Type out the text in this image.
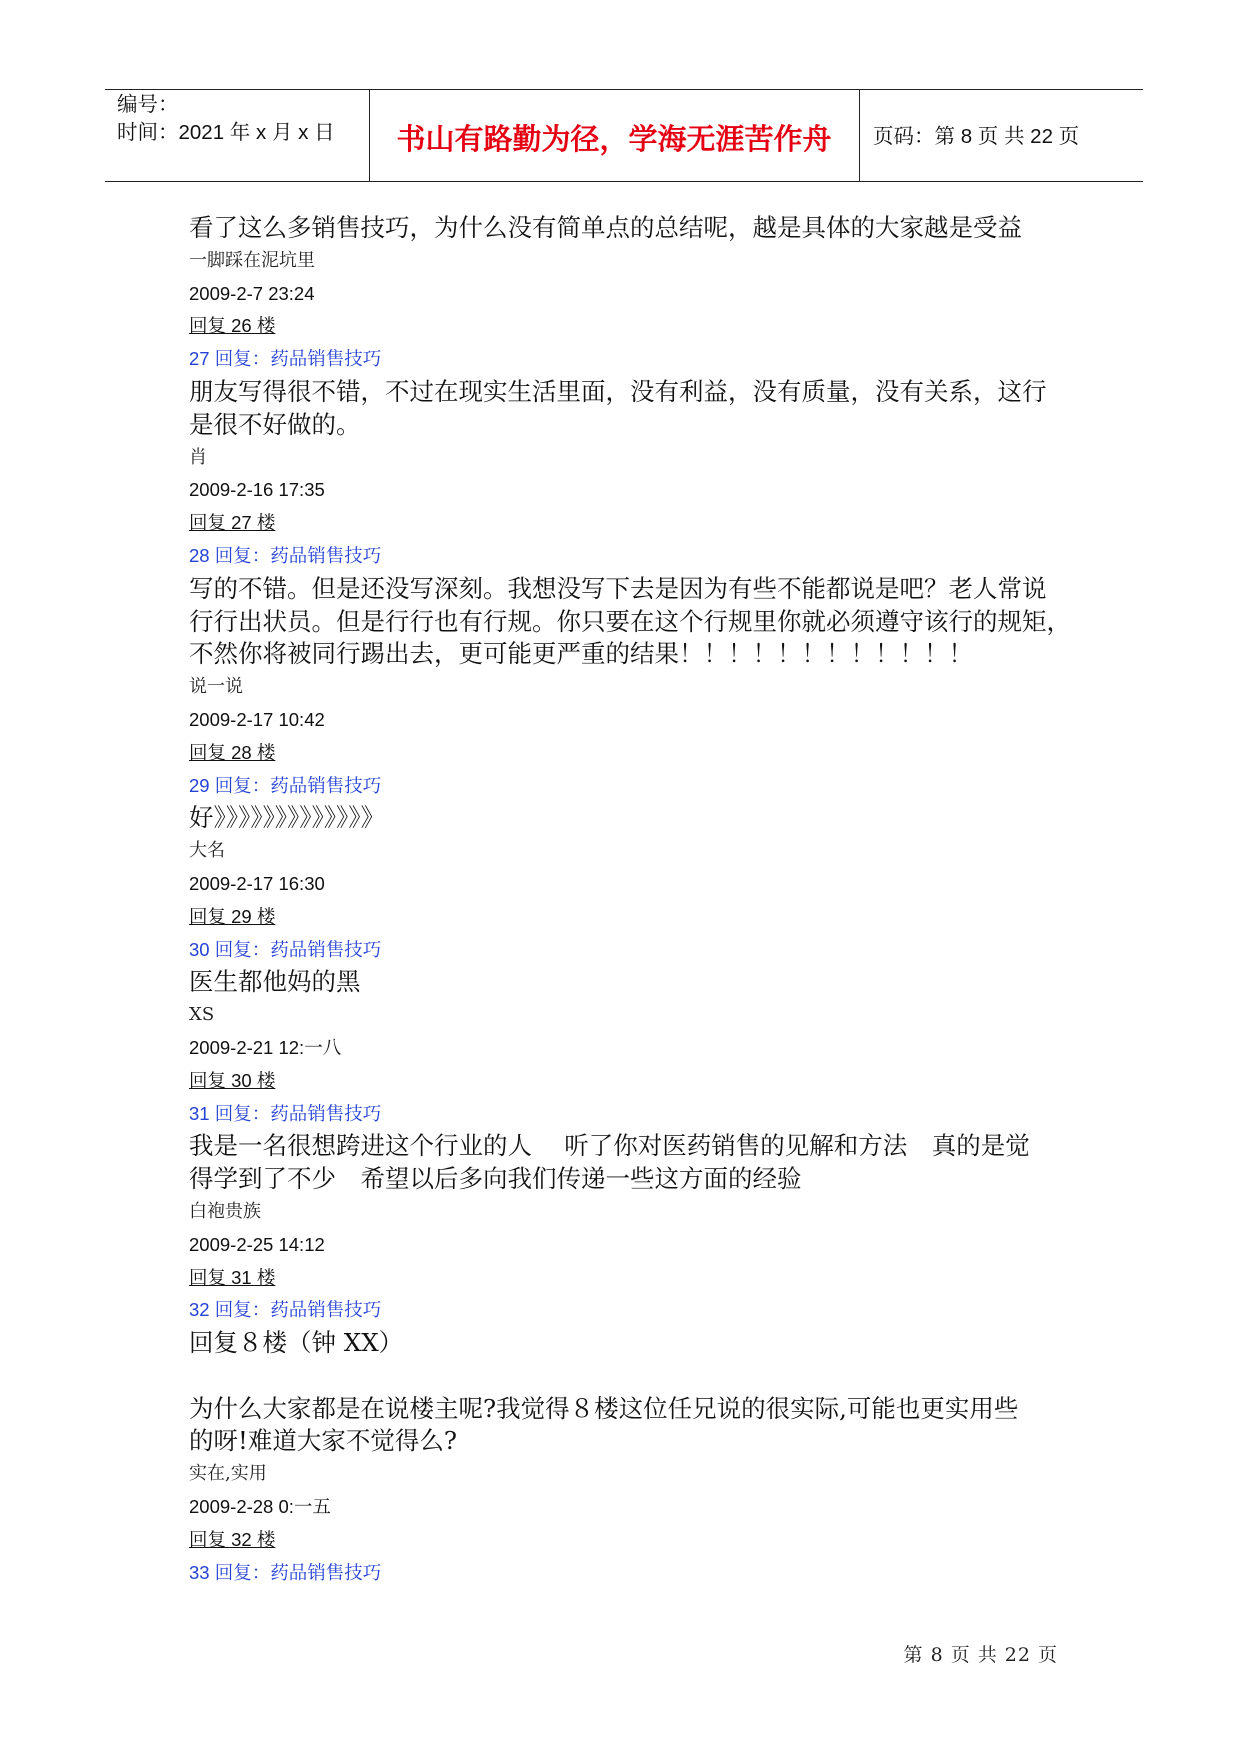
编号：
时间：2021 年 x 月 x 日	书山有路勤为径，学海无涯苦作舟	页码：第 8 页 共 22 页
看了这么多销售技巧，为什么没有简单点的总结呢，越是具体的大家越是受益
一脚踩在泥坑里
2009-2-7 23:24
回复 26 楼
27 回复：药品销售技巧
朋友写得很不错，不过在现实生活里面，没有利益，没有质量，没有关系，这行
是很不好做的。
肖
2009-2-16 17:35
回复 27 楼
28 回复：药品销售技巧
写的不错。但是还没写深刻。我想没写下去是因为有些不能都说是吧？老人常说
行行出状员。但是行行也有行规。你只要在这个行规里你就必须遵守该行的规矩，
不然你将被同行踢出去，更可能更严重的结果！！！！！！！！！！！！
说一说
2009-2-17 10:42
回复 28 楼
29 回复：药品销售技巧
好》》》》》》》》》》》》》
大名
2009-2-17 16:30
回复 29 楼
30 回复：药品销售技巧
医生都他妈的黑
XS
2009-2-21 12:一八
回复 30 楼
31 回复：药品销售技巧
我是一名很想跨进这个行业的人　 听了你对医药销售的见解和方法　真的是觉
得学到了不少　希望以后多向我们传递一些这方面的经验
白袍贵族
2009-2-25 14:12
回复 31 楼
32 回复：药品销售技巧
回复８楼（钟 XX）
为什么大家都是在说楼主呢?我觉得８楼这位任兄说的很实际,可能也更实用些
的呀!难道大家不觉得么?
实在,实用
2009-2-28 0:一五
回复 32 楼
33 回复：药品销售技巧
第 8 页 共 22 页
